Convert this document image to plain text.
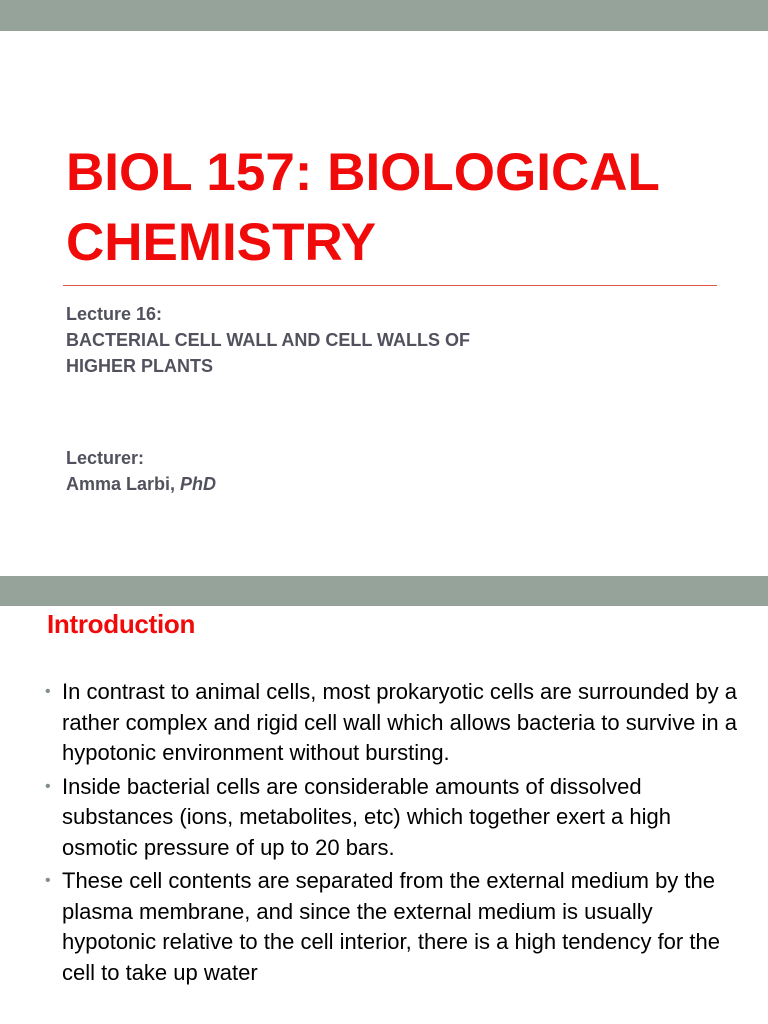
BIOL 157: BIOLOGICAL
CHEMISTRY
Lecture 16:
BACTERIAL CELL WALL AND CELL WALLS OF
HIGHER PLANTS
Lecturer:
Amma Larbi, PhD
Introduction
• In contrast to animal cells, most prokaryotic cells are surrounded by a rather complex and rigid cell wall which allows bacteria to survive in a hypotonic environment without bursting.
• Inside bacterial cells are considerable amounts of dissolved substances (ions, metabolites, etc) which together exert a high osmotic pressure of up to 20 bars.
• These cell contents are separated from the external medium by the plasma membrane, and since the external medium is usually hypotonic relative to the cell interior, there is a high tendency for the cell to take up water
